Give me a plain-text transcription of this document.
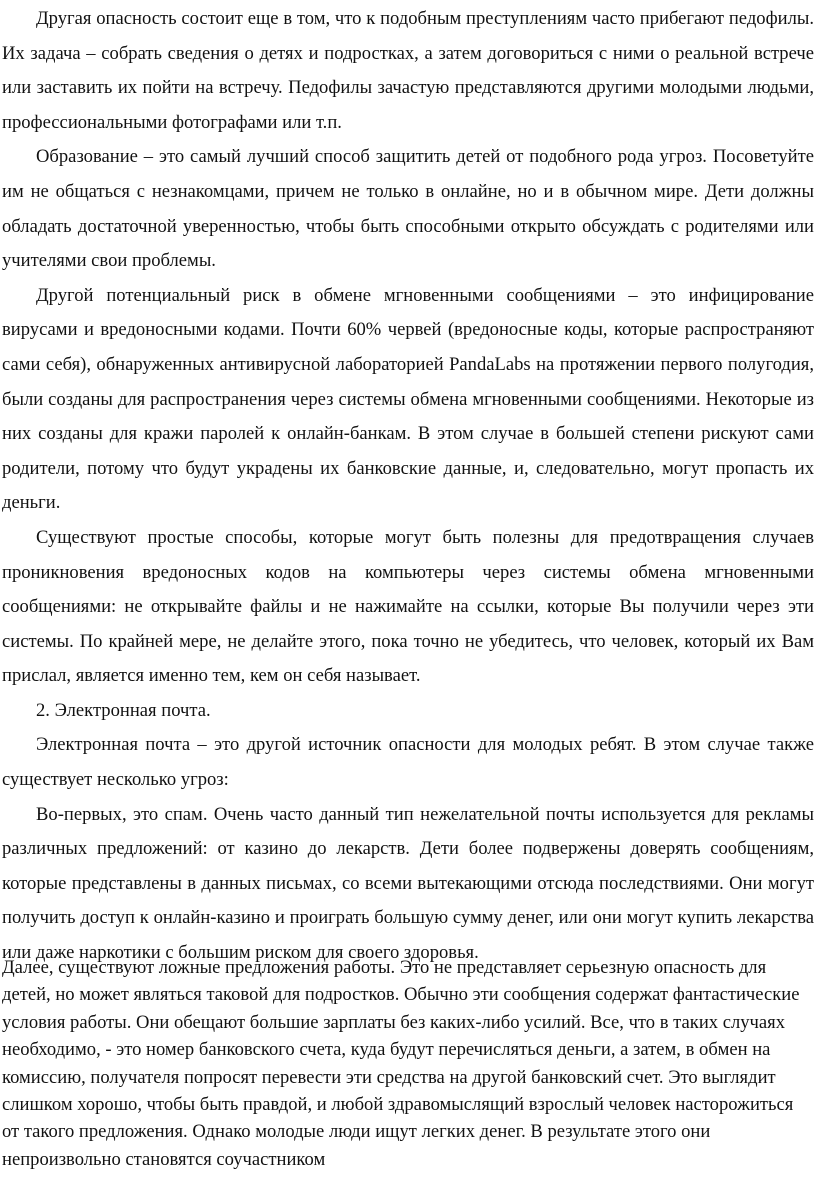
Другая опасность состоит еще в том, что к подобным преступлениям часто прибегают педофилы. Их задача – собрать сведения о детях и подростках, а затем договориться с ними о реальной встрече или заставить их пойти на встречу. Педофилы зачастую представляются другими молодыми людьми, профессиональными фотографами или т.п.

Образование – это самый лучший способ защитить детей от подобного рода угроз. Посоветуйте им не общаться с незнакомцами, причем не только в онлайне, но и в обычном мире. Дети должны обладать достаточной уверенностью, чтобы быть способными открыто обсуждать с родителями или учителями свои проблемы.

Другой потенциальный риск в обмене мгновенными сообщениями – это инфицирование вирусами и вредоносными кодами. Почти 60% червей (вредоносные коды, которые распространяют сами себя), обнаруженных антивирусной лабораторией PandaLabs на протяжении первого полугодия, были созданы для распространения через системы обмена мгновенными сообщениями. Некоторые из них созданы для кражи паролей к онлайн-банкам. В этом случае в большей степени рискуют сами родители, потому что будут украдены их банковские данные, и, следовательно, могут пропасть их деньги.

Существуют простые способы, которые могут быть полезны для предотвращения случаев проникновения вредоносных кодов на компьютеры через системы обмена мгновенными сообщениями: не открывайте файлы и не нажимайте на ссылки, которые Вы получили через эти системы. По крайней мере, не делайте этого, пока точно не убедитесь, что человек, который их Вам прислал, является именно тем, кем он себя называет.

2. Электронная почта.

Электронная почта – это другой источник опасности для молодых ребят. В этом случае также существует несколько угроз:

Во-первых, это спам. Очень часто данный тип нежелательной почты используется для рекламы различных предложений: от казино до лекарств. Дети более подвержены доверять сообщениям, которые представлены в данных письмах, со всеми вытекающими отсюда последствиями. Они могут получить доступ к онлайн-казино и проиграть большую сумму денег, или они могут купить лекарства или даже наркотики с большим риском для своего здоровья.

Далее, существуют ложные предложения работы. Это не представляет серьезную опасность для детей, но может являться таковой для подростков. Обычно эти сообщения содержат фантастические условия работы. Они обещают большие зарплаты без каких-либо усилий. Все, что в таких случаях необходимо, - это номер банковского счета, куда будут перечисляться деньги, а затем, в обмен на комиссию, получателя попросят перевести эти средства на другой банковский счет. Это выглядит слишком хорошо, чтобы быть правдой, и любой здравомыслящий взрослый человек насторожиться от такого предложения. Однако молодые люди ищут легких денег. В результате этого они непроизвольно становятся соучастником
